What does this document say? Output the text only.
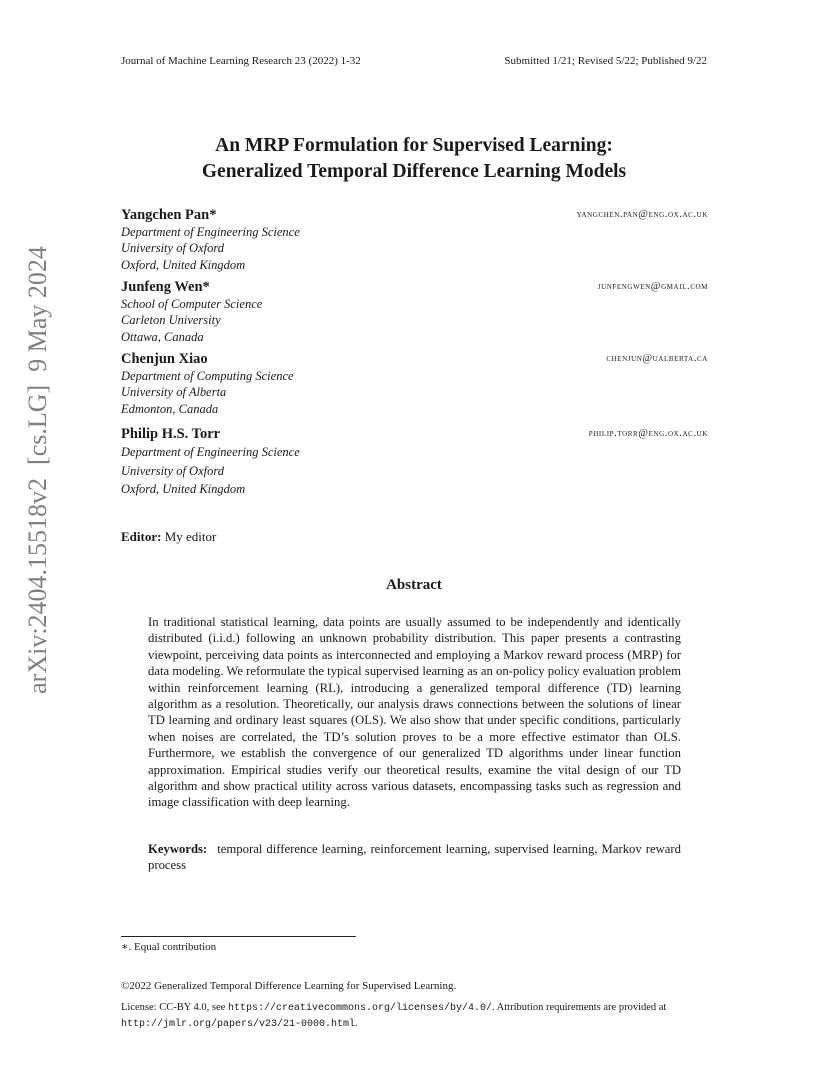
Journal of Machine Learning Research 23 (2022) 1-32	Submitted 1/21; Revised 5/22; Published 9/22
An MRP Formulation for Supervised Learning:
Generalized Temporal Difference Learning Models
Yangchen Pan*	yangchen.pan@eng.ox.ac.uk
Department of Engineering Science
University of Oxford
Oxford, United Kingdom
Junfeng Wen*	junfengwen@gmail.com
School of Computer Science
Carleton University
Ottawa, Canada
Chenjun Xiao	chenjun@ualberta.ca
Department of Computing Science
University of Alberta
Edmonton, Canada
Philip H.S. Torr	philip.torr@eng.ox.ac.uk
Department of Engineering Science
University of Oxford
Oxford, United Kingdom
Editor: My editor
Abstract
In traditional statistical learning, data points are usually assumed to be independently and identically distributed (i.i.d.) following an unknown probability distribution. This paper presents a contrasting viewpoint, perceiving data points as interconnected and employing a Markov reward process (MRP) for data modeling. We reformulate the typical supervised learning as an on-policy policy evaluation problem within reinforcement learning (RL), introducing a generalized temporal difference (TD) learning algorithm as a resolution. Theoretically, our analysis draws connections between the solutions of linear TD learning and ordinary least squares (OLS). We also show that under specific conditions, particularly when noises are correlated, the TD’s solution proves to be a more effective estimator than OLS. Furthermore, we establish the convergence of our generalized TD algorithms under linear function approximation. Empirical studies verify our theoretical results, examine the vital design of our TD algorithm and show practical utility across various datasets, encompassing tasks such as regression and image classification with deep learning.
Keywords: temporal difference learning, reinforcement learning, supervised learning, Markov reward process
∗. Equal contribution
©2022 Generalized Temporal Difference Learning for Supervised Learning.
License: CC-BY 4.0, see https://creativecommons.org/licenses/by/4.0/. Attribution requirements are provided at http://jmlr.org/papers/v23/21-0000.html.
arXiv:2404.15518v2  [cs.LG]  9 May 2024
